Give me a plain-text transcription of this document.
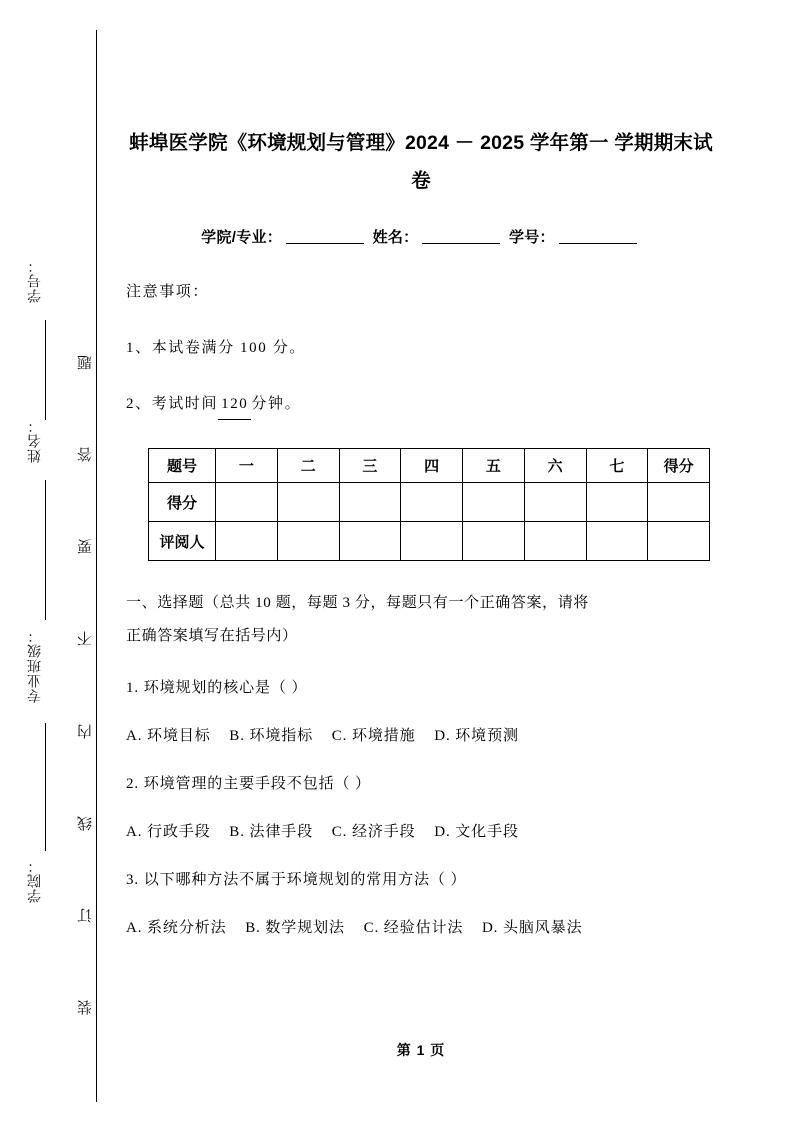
装
订
线
内
不
要
答
题
学号：
姓名：
专业班级：
学院：
蚌埠医学院《环境规划与管理》2024 － 2025 学年第一 学期期末试卷
学院/专业：	姓名：	学号：

注意事项：

1、本试卷满分 100 分。

2、考试时间 120 分钟。

题号	一	二	三	四	五	六	七	得分
得分								
评阅人								

一、选择题（总共 10 题，每题 3 分，每题只有一个正确答案，请将
正确答案填写在括号内）

1. 环境规划的核心是（ ）

A. 环境目标 B. 环境指标 C. 环境措施 D. 环境预测

2. 环境管理的主要手段不包括（ ）

A. 行政手段 B. 法律手段 C. 经济手段 D. 文化手段

3. 以下哪种方法不属于环境规划的常用方法（ ）

A. 系统分析法 B. 数学规划法 C. 经验估计法 D. 头脑风暴法

第 1 页
